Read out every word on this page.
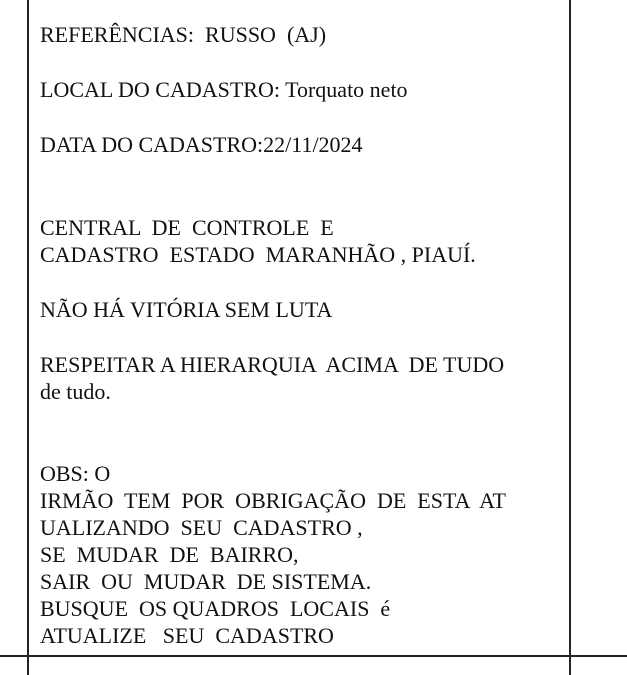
REFERÊNCIAS:  RUSSO  (AJ)
LOCAL DO CADASTRO: Torquato neto
DATA DO CADASTRO:22/11/2024
CENTRAL  DE  CONTROLE  E
CADASTRO  ESTADO  MARANHÃO , PIAUÍ.
NÃO HÁ VITÓRIA SEM LUTA
RESPEITAR A HIERARQUIA  ACIMA  DE TUDO
de tudo.
OBS: O
IRMÃO  TEM  POR  OBRIGAÇÃO  DE  ESTA  AT
UALIZANDO  SEU  CADASTRO ,
SE  MUDAR  DE  BAIRRO,
SAIR  OU  MUDAR  DE SISTEMA.
BUSQUE  OS QUADROS  LOCAIS  é
ATUALIZE   SEU  CADASTRO
